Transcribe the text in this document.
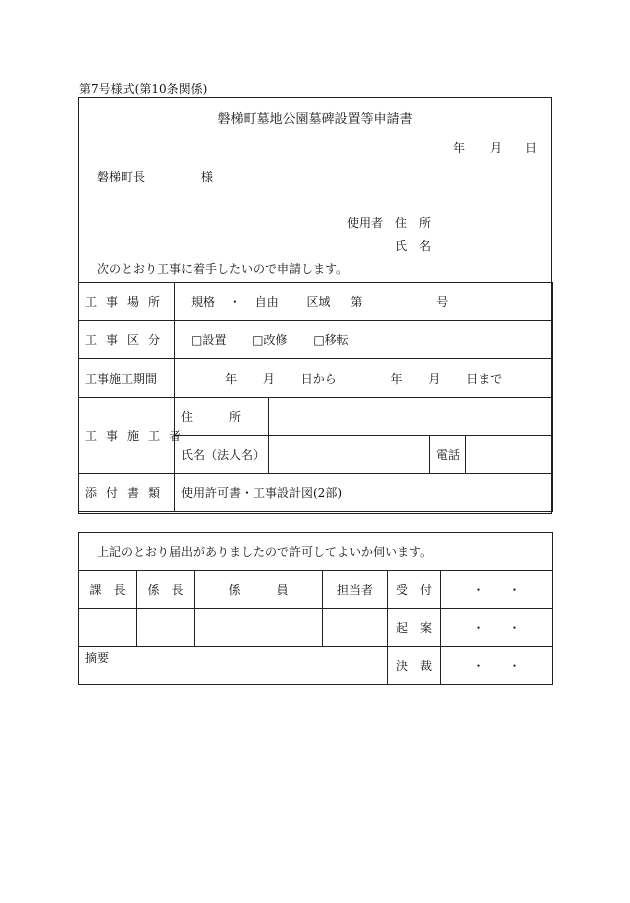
第7号様式(第10条関係)
磐梯町墓地公園墓碑設置等申請書
年 月 日
磐梯町長	様
使用者 住　所
氏　名
次のとおり工事に着手したいので申請します。
工事場所	規格 ・ 自由 区域 第 号			
工事区分	□設置 □改修 □移転			
工事施工期間	年 月 日から 年 月 日まで			
工事施工者	住　　　所			
	氏名（法人名）		電話	
添付書類	使用許可書・工事設計図(2部)			
上記のとおり届出がありましたので許可してよいか伺います。					
課　長	係　長	係　　　員	担当者	受　付	・　　・
				起　案	・　　・
摘要				決　裁	・　　・
